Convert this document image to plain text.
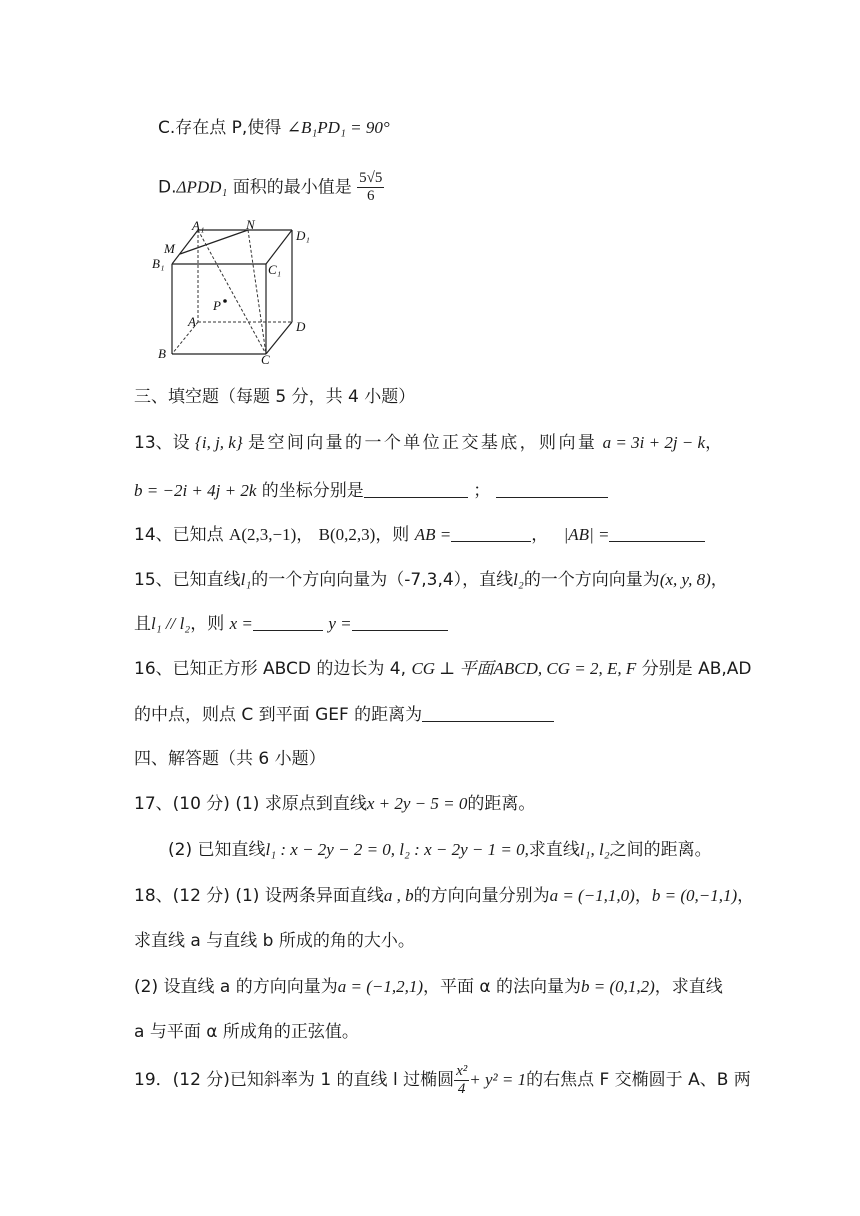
C.存在点 P,使得 ∠B₁PD₁ = 90°
D.ΔPDD₁ 面积的最小值是 $\frac{5√5}{6}$
A₁	N
D₁
M
B₁	C₁
P
A	D
B	C
三、填空题（每题 5 分，共 4 小题）
13、设 {i, j, k} 是空间向量的一个单位正交基底，则向量 a = 3i + 2j − k，
b = −2i + 4j + 2k 的坐标分别是	；
14、已知点 A(2,3,−1)， B(0,2,3)，则 AB =	， |AB| =
15、已知直线l₁的一个方向向量为（-7,3,4），直线l₂的一个方向向量为(x, y, 8)，
且l₁ // l₂，则 x =	y =
16、已知正方形 ABCD 的边长为 4, CG ⊥ 平面ABCD, CG = 2, E, F 分别是 AB,AD
的中点，则点 C 到平面 GEF 的距离为
四、解答题（共 6 小题）
17、(10 分) (1) 求原点到直线x + 2y − 5 = 0的距离。
(2) 已知直线l₁ : x − 2y − 2 = 0, l₂ : x − 2y − 1 = 0,求直线l₁, l₂之间的距离。
18、(12 分) (1) 设两条异面直线a , b的方向向量分别为a = (−1,1,0)，b = (0,−1,1)，
求直线 a 与直线 b 所成的角的大小。
(2) 设直线 a 的方向向量为a = (−1,2,1)，平面 α 的法向量为b = (0,1,2)，求直线
a 与平面 α 所成角的正弦值。
19．(12 分)已知斜率为 1 的直线 l 过椭圆 $\frac{\text{x²}}{4} + y^2 = 1$的右焦点 F 交椭圆于 A、B 两
